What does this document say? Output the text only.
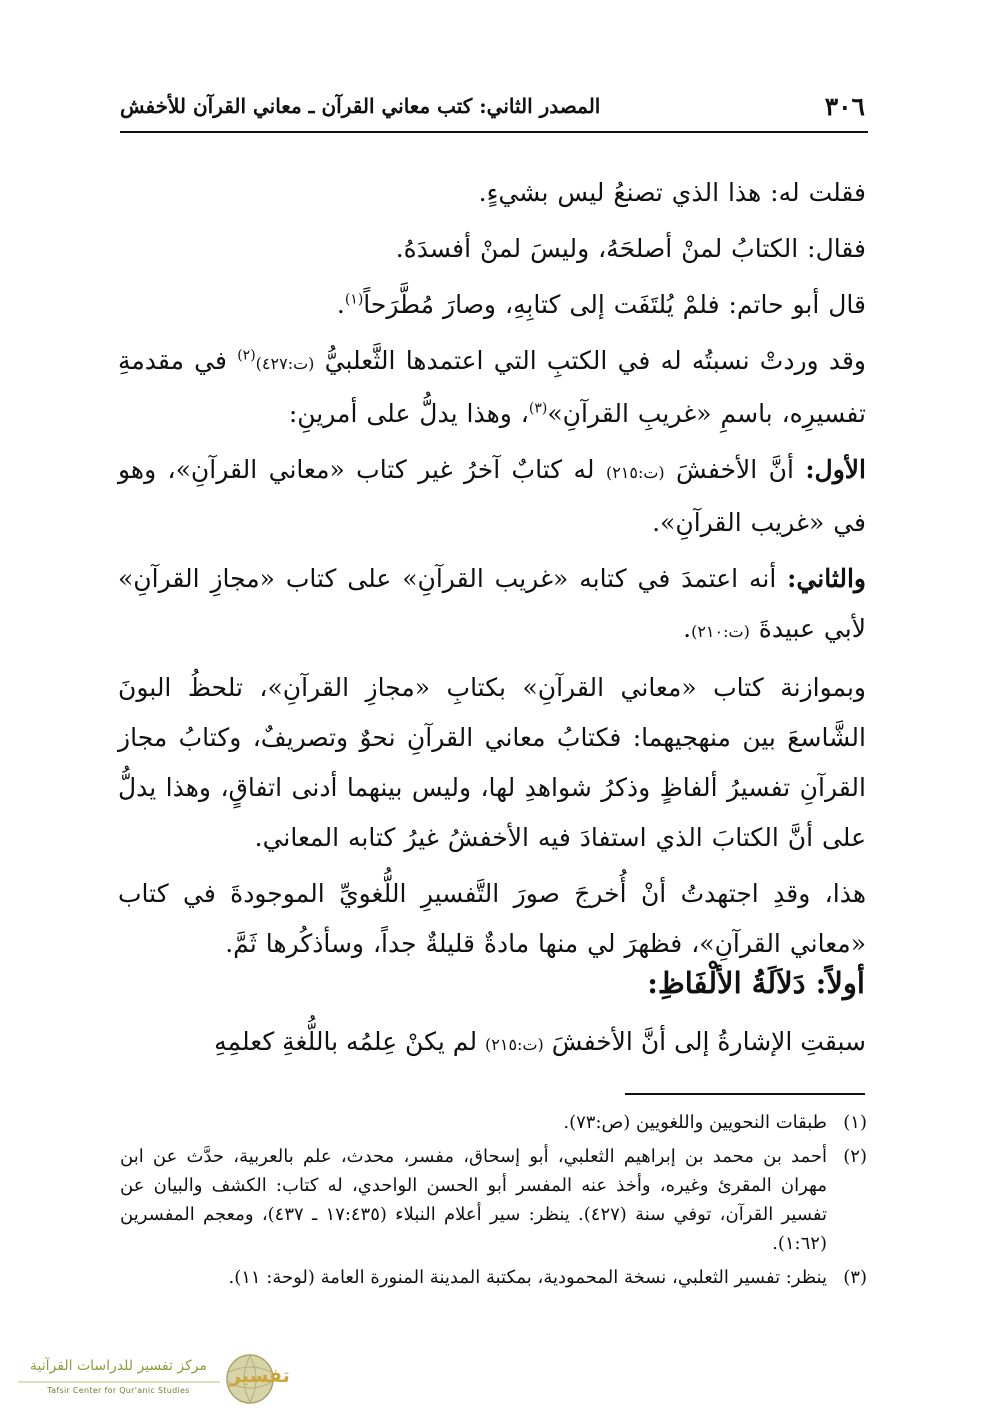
٣٠٦
المصدر الثاني: كتب معاني القرآن ـ معاني القرآن للأخفش

فقلت له: هذا الذي تصنعُ ليس بشيءٍ.

فقال: الكتابُ لمنْ أصلحَهُ، وليسَ لمنْ أفسدَهُ.

قال أبو حاتم: فلمْ يُلتَفَت إلى كتابِهِ، وصارَ مُطَّرَحاً$^{(١)}$.

وقد وردتْ نسبتُه له في الكتبِ التي اعتمدها الثَّعلبيُّ (ت:٤٢٧)$^{(٢)}$ في مقدمةِ تفسيرِه، باسمِ «غريبِ القرآنِ»$^{(٣)}$، وهذا يدلُّ على أمرينِ:

الأول: أنَّ الأخفشَ (ت:٢١٥) له كتابٌ آخرُ غير كتاب «معاني القرآنِ»، وهو في «غريب القرآنِ».

والثاني: أنه اعتمدَ في كتابه «غريب القرآنِ» على كتاب «مجازِ القرآنِ» لأبي عبيدةَ (ت:٢١٠).

وبموازنة كتاب «معاني القرآنِ» بكتابِ «مجازِ القرآنِ»، تلحظُ البونَ الشَّاسعَ بين منهجيهما: فكتابُ معاني القرآنِ نحوٌ وتصريفٌ، وكتابُ مجاز القرآنِ تفسيرُ ألفاظٍ وذكرُ شواهدِ لها، وليس بينهما أدنى اتفاقٍ، وهذا يدلُّ على أنَّ الكتابَ الذي استفادَ فيه الأخفشُ غيرُ كتابه المعاني.

هذا، وقدِ اجتهدتُ أنْ أُخرجَ صورَ التَّفسيرِ اللُّغويِّ الموجودةَ في كتاب «معاني القرآنِ»، فظهرَ لي منها مادةٌ قليلةٌ جداً، وسأذكُرها ثَمَّ.

أولاً: دَلاَلَةُ الألْفَاظِ:
سبقتِ الإشارةُ إلى أنَّ الأخفشَ (ت:٢١٥) لم يكنْ عِلمُه باللُّغةِ كعلمِهِ
(١)
طبقات النحويين واللغويين (ص:٧٣).
(٢)
أحمد بن محمد بن إبراهيم الثعلبي، أبو إسحاق، مفسر، محدث، علم بالعربية، حدَّث عن ابن مهران المقرئ وغيره، وأخذ عنه المفسر أبو الحسن الواحدي، له كتاب: الكشف والبيان عن تفسير القرآن، توفي سنة (٤٢٧). ينظر: سير أعلام النبلاء (١٧:٤٣٥ ـ ٤٣٧)، ومعجم المفسرين (١:٦٢).
(٣)
ينظر: تفسير الثعلبي، نسخة المحمودية، بمكتبة المدينة المنورة العامة (لوحة: ١١).
تفسير
مركز تفسير للدراسات القرآنية
Tafsir Center for Qur'anic Studies
